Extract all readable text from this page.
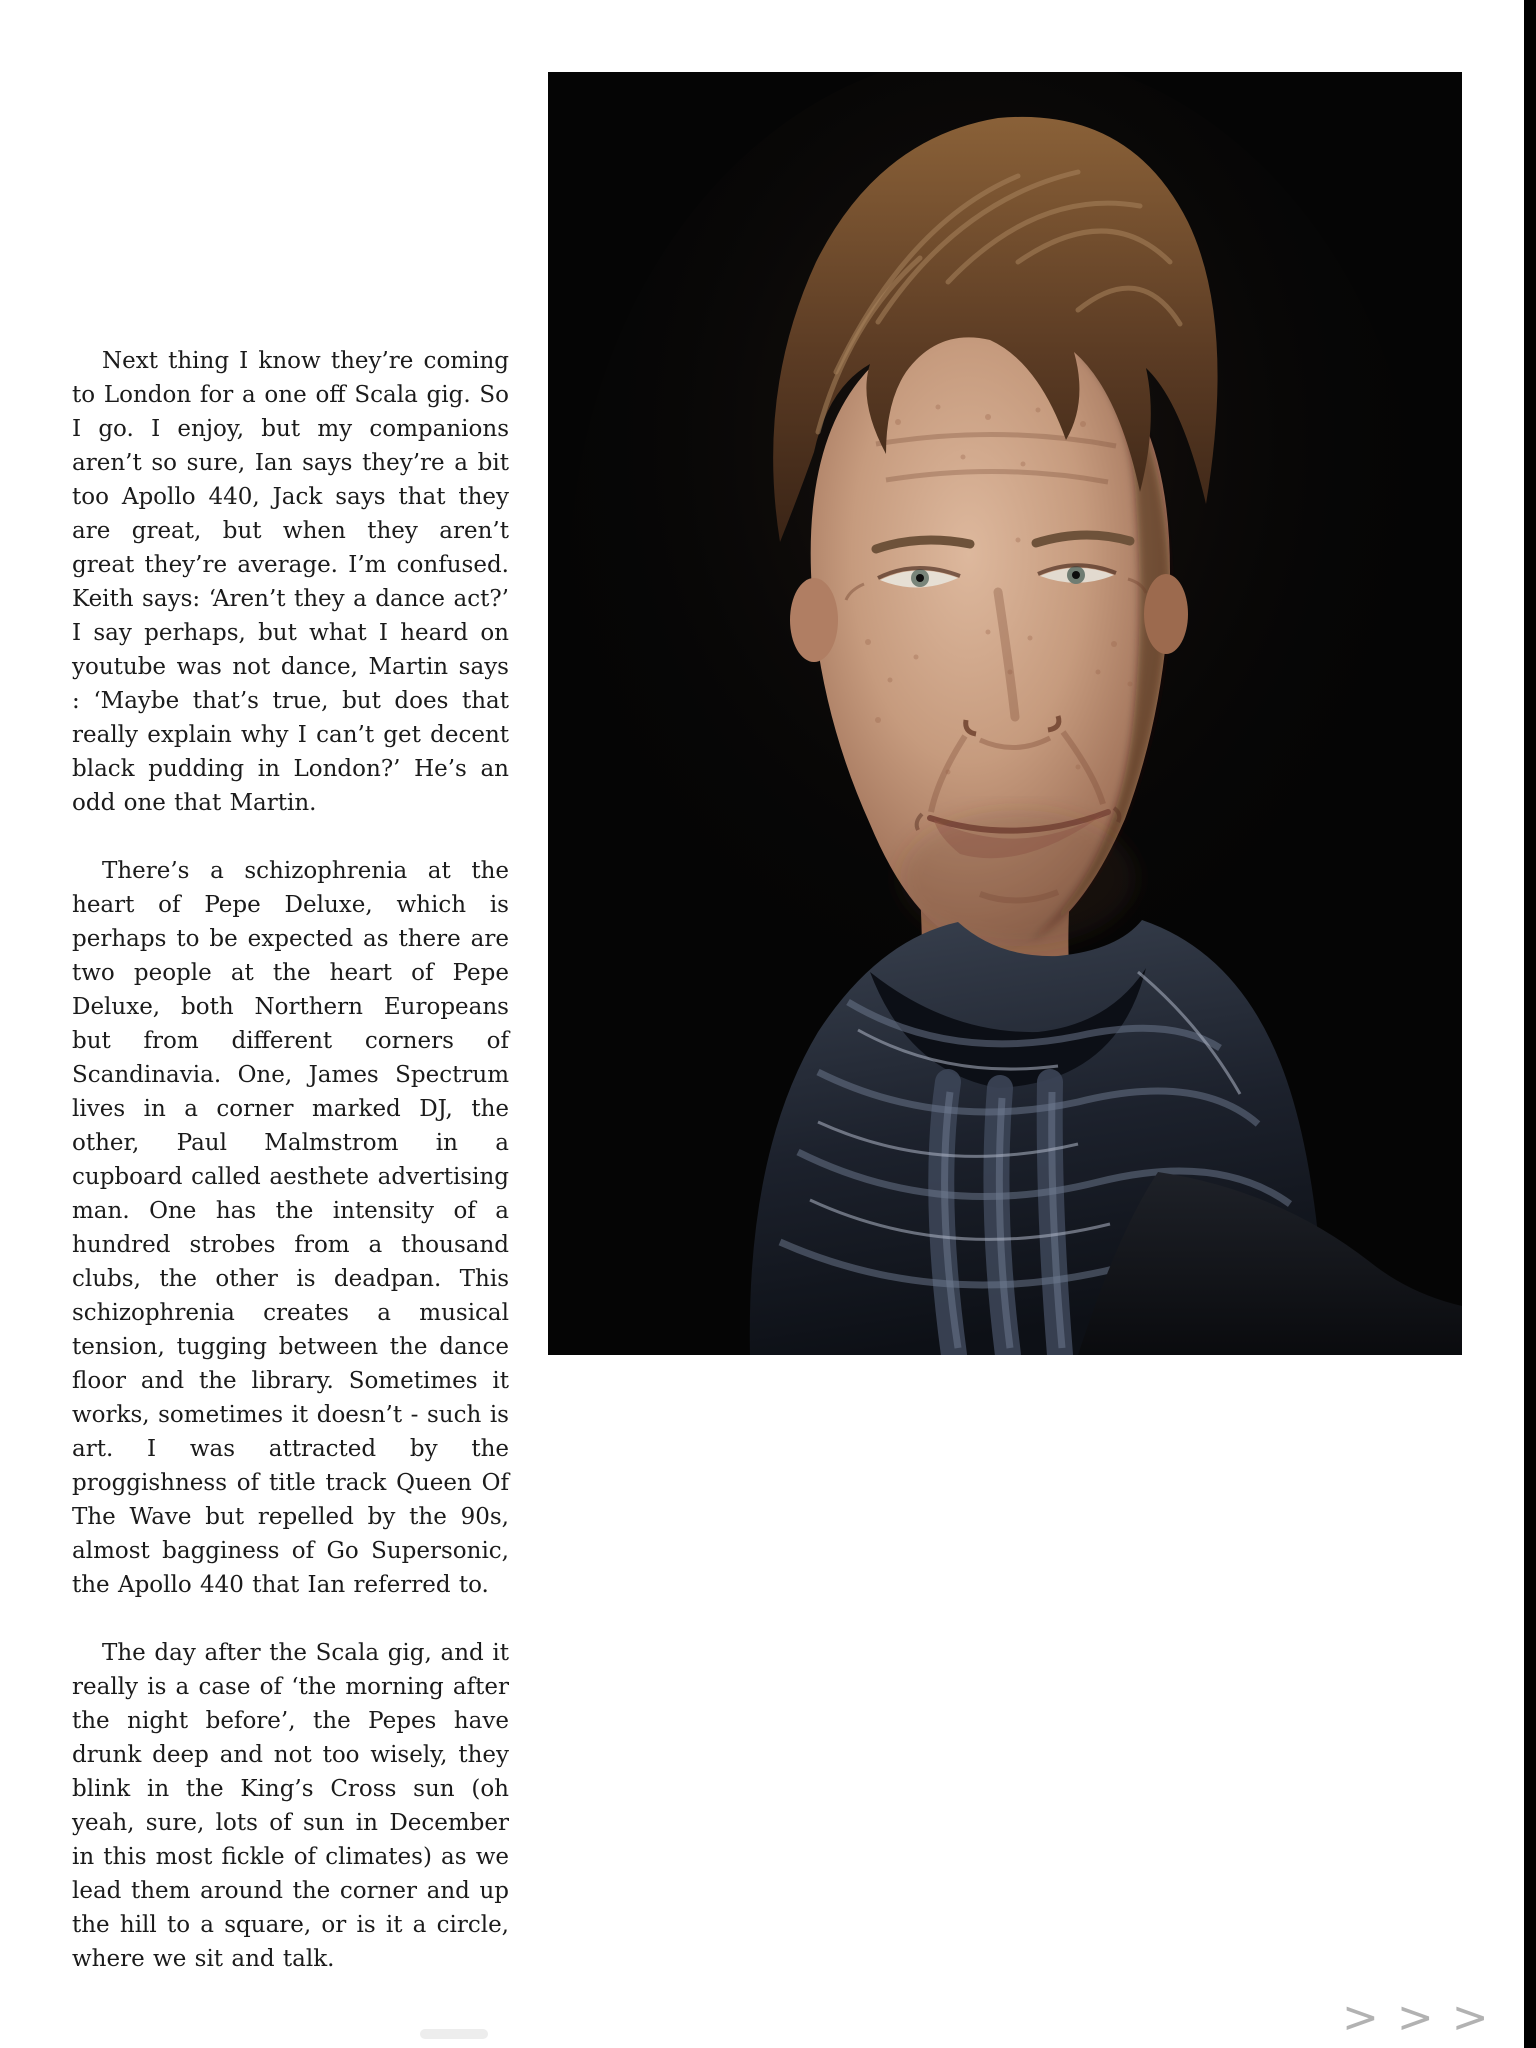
Next thing I know they’re coming to London for a one off Scala gig. So I go. I enjoy, but my companions aren’t so sure, Ian says they’re a bit too Apollo 440, Jack says that they are great, but when they aren’t great they’re average. I’m confused. Keith says: ‘Aren’t they a dance act?’ I say perhaps, but what I heard on youtube was not dance, Martin says : ‘Maybe that’s true, but does that really explain why I can’t get decent black pudding in London?’ He’s an odd one that Martin.

There’s a schizophrenia at the heart of Pepe Deluxe, which is perhaps to be expected as there are two people at the heart of Pepe Deluxe, both Northern Europeans but from different corners of Scandinavia. One, James Spectrum lives in a corner marked DJ, the other, Paul Malmstrom in a cupboard called aesthete advertising man. One has the intensity of a hundred strobes from a thousand clubs, the other is deadpan. This schizophrenia creates a musical tension, tugging between the dance floor and the library. Sometimes it works, sometimes it doesn’t - such is art. I was attracted by the proggishness of title track Queen Of The Wave but repelled by the 90s, almost bagginess of Go Supersonic, the Apollo 440 that Ian referred to.

The day after the Scala gig, and it really is a case of ‘the morning after the night before’, the Pepes have drunk deep and not too wisely, they blink in the King’s Cross sun (oh yeah, sure, lots of sun in December in this most fickle of climates) as we lead them around the corner and up the hill to a square, or is it a circle, where we sit and talk.

> > >
